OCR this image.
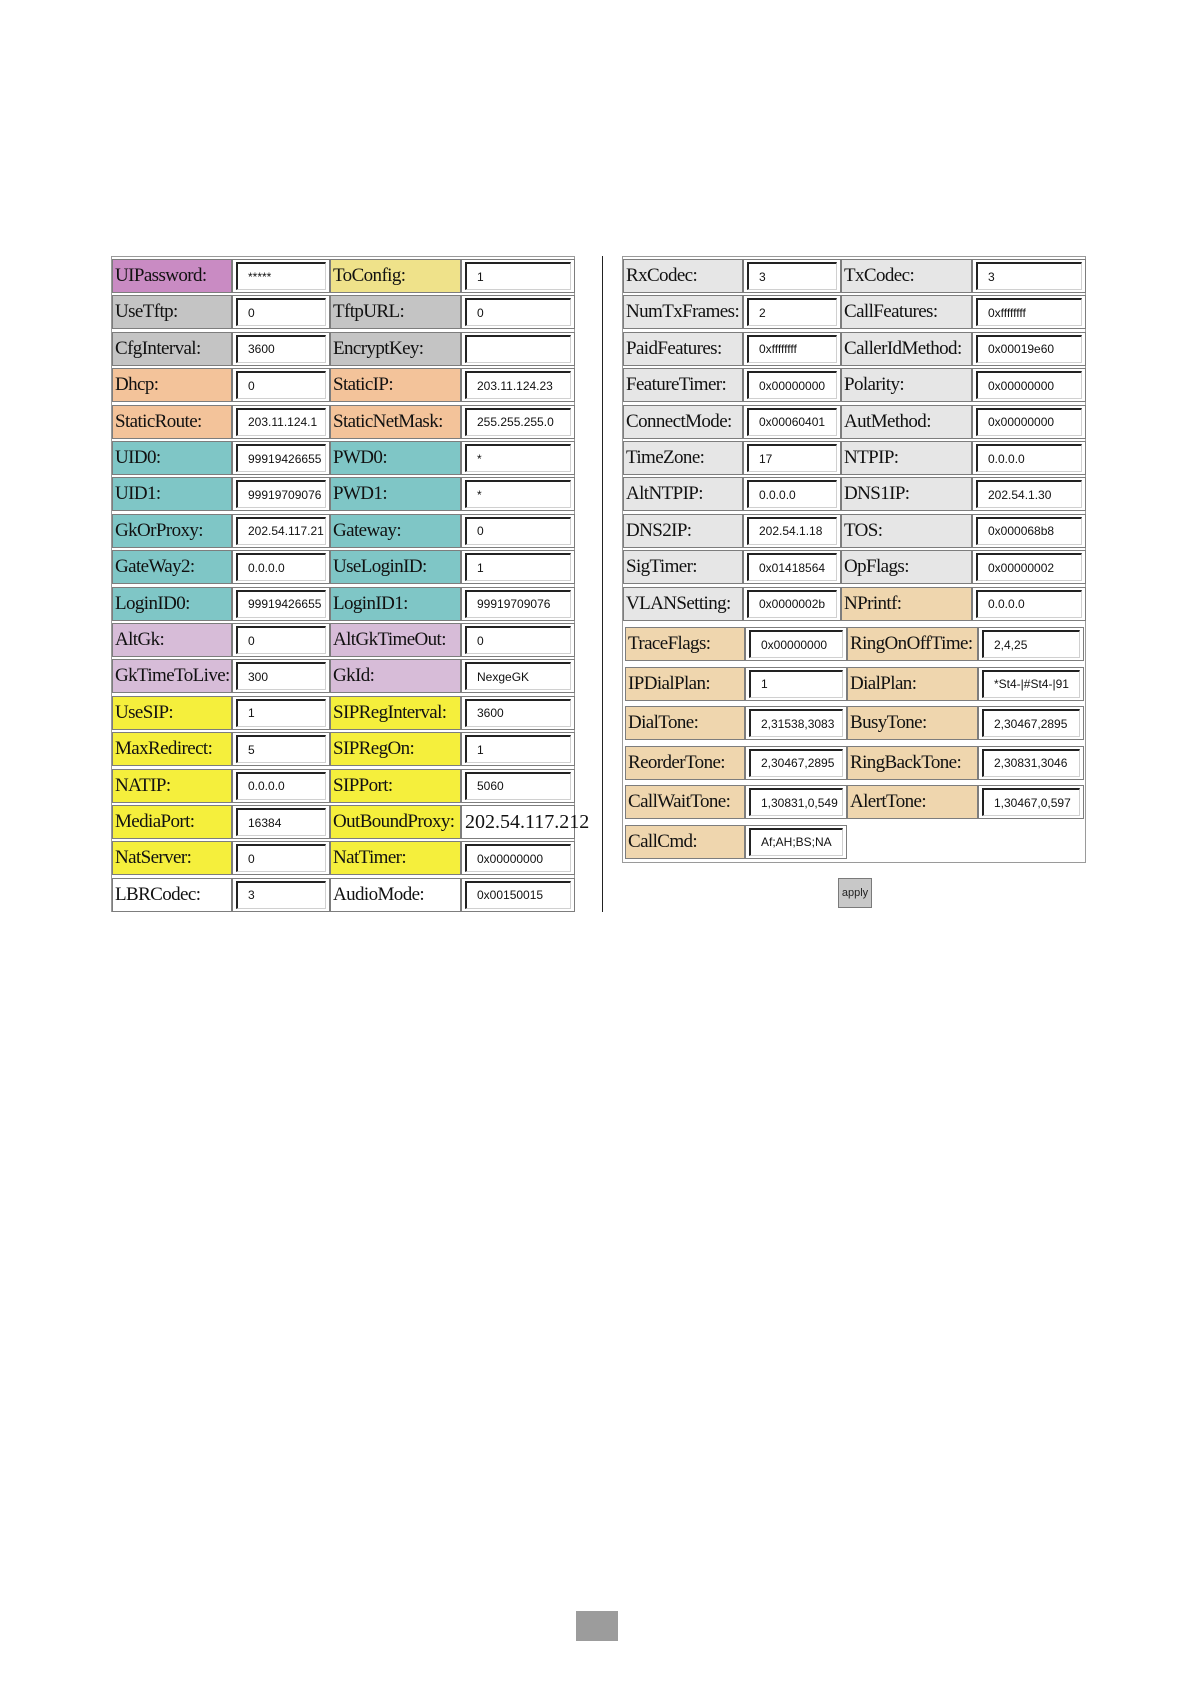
UIPassword:	*****	ToConfig:	1
UseTftp:	0	TftpURL:	0
CfgInterval:	3600	EncryptKey:
Dhcp:	0	StaticIP:	203.11.124.23
StaticRoute:	203.11.124.1 StaticNetMask:	255.255.255.0
UID0:	99919426655 PWD0:	*
UID1:	99919709076 PWD1:	*
GkOrProxy:	202.54.117.21 Gateway:	0
GateWay2:	0.0.0.0	UseLoginID:	1
LoginID0:	99919426655 LoginID1:	99919709076
AltGk:	0	AltGkTimeOut:	0
GkTimeToLive:	300	GkId:	NexgeGK
UseSIP:	1	SIPRegInterval:	3600
MaxRedirect:	5	SIPRegOn:	1
NATIP:	0.0.0.0	SIPPort:	5060
MediaPort:	16384	OutBoundProxy: 202.54.117.212
NatServer:	0	NatTimer:	0x00000000
LBRCodec:	3	AudioMode:	0x00150015
RxCodec:	3	TxCodec:	3
NumTxFrames:	2	CallFeatures:	0xffffffff
PaidFeatures:	0xffffffff	CallerIdMethod:	0x00019e60
FeatureTimer:	0x00000000 Polarity:	0x00000000
ConnectMode:	0x00060401 AutMethod:	0x00000000
TimeZone:	17	NTPIP:	0.0.0.0
AltNTPIP:	0.0.0.0	DNS1IP:	202.54.1.30
DNS2IP:	202.54.1.18	TOS:	0x000068b8
SigTimer:	0x01418564 OpFlags:	0x00000002
VLANSetting:	0x0000002b NPrintf:	0.0.0.0
TraceFlags:	0x00000000	RingOnOffTime:	2,4,25
IPDialPlan:	1	DialPlan:	*St4-|#St4-|91
DialTone:	2,31538,3083 BusyTone:	2,30467,2895
ReorderTone:	2,30467,2895 RingBackTone:	2,30831,3046
CallWaitTone:	1,30831,0,549 AlertTone:	1,30467,0,597
CallCmd:	Af;AH;BS;NA
apply
